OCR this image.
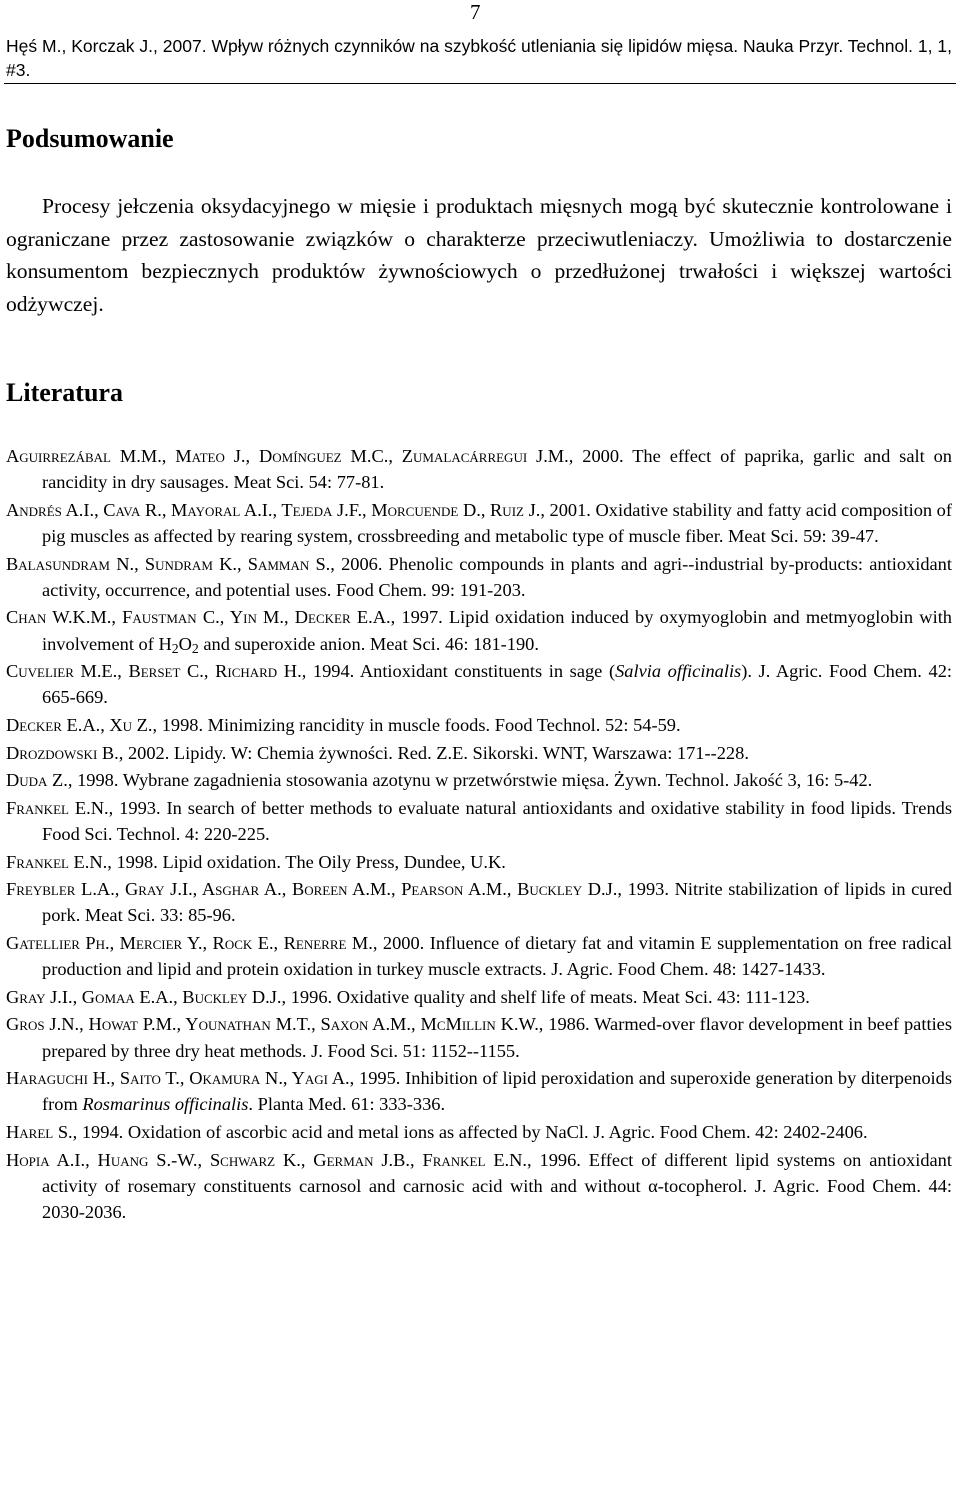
7
Hęś M., Korczak J., 2007. Wpływ różnych czynników na szybkość utleniania się lipidów mięsa. Nauka Przyr. Technol. 1, 1, #3.
Podsumowanie

Procesy jełczenia oksydacyjnego w mięsie i produktach mięsnych mogą być skutecznie kontrolowane i ograniczane przez zastosowanie związków o charakterze przeciwutleniaczy. Umożliwia to dostarczenie konsumentom bezpiecznych produktów żywnościowych o przedłużonej trwałości i większej wartości odżywczej.

Literatura
Aguirrezábal M.M., Mateo J., Domínguez M.C., Zumalacárregui J.M., 2000. The effect of paprika, garlic and salt on rancidity in dry sausages. Meat Sci. 54: 77-81.
Andrés A.I., Cava R., Mayoral A.I., Tejeda J.F., Morcuende D., Ruiz J., 2001. Oxidative stability and fatty acid composition of pig muscles as affected by rearing system, crossbreeding and metabolic type of muscle fiber. Meat Sci. 59: 39-47.
Balasundram N., Sundram K., Samman S., 2006. Phenolic compounds in plants and agri--industrial by-products: antioxidant activity, occurrence, and potential uses. Food Chem. 99: 191-203.
Chan W.K.M., Faustman C., Yin M., Decker E.A., 1997. Lipid oxidation induced by oxymyoglobin and metmyoglobin with involvement of $H_2O_2$ and superoxide anion. Meat Sci. 46: 181-190.
Cuvelier M.E., Berset C., Richard H., 1994. Antioxidant constituents in sage (Salvia officinalis). J. Agric. Food Chem. 42: 665-669.
Decker E.A., Xu Z., 1998. Minimizing rancidity in muscle foods. Food Technol. 52: 54-59.
Drozdowski B., 2002. Lipidy. W: Chemia żywności. Red. Z.E. Sikorski. WNT, Warszawa: 171--228.
Duda Z., 1998. Wybrane zagadnienia stosowania azotynu w przetwórstwie mięsa. Żywn. Technol. Jakość 3, 16: 5-42.
Frankel E.N., 1993. In search of better methods to evaluate natural antioxidants and oxidative stability in food lipids. Trends Food Sci. Technol. 4: 220-225.
Frankel E.N., 1998. Lipid oxidation. The Oily Press, Dundee, U.K.
Freybler L.A., Gray J.I., Asghar A., Boreen A.M., Pearson A.M., Buckley D.J., 1993. Nitrite stabilization of lipids in cured pork. Meat Sci. 33: 85-96.
Gatellier Ph., Mercier Y., Rock E., Renerre M., 2000. Influence of dietary fat and vitamin E supplementation on free radical production and lipid and protein oxidation in turkey muscle extracts. J. Agric. Food Chem. 48: 1427-1433.
Gray J.I., Gomaa E.A., Buckley D.J., 1996. Oxidative quality and shelf life of meats. Meat Sci. 43: 111-123.
Gros J.N., Howat P.M., Younathan M.T., Saxon A.M., McMillin K.W., 1986. Warmed-over flavor development in beef patties prepared by three dry heat methods. J. Food Sci. 51: 1152--1155.
Haraguchi H., Saito T., Okamura N., Yagi A., 1995. Inhibition of lipid peroxidation and superoxide generation by diterpenoids from Rosmarinus officinalis. Planta Med. 61: 333-336.
Harel S., 1994. Oxidation of ascorbic acid and metal ions as affected by NaCl. J. Agric. Food Chem. 42: 2402-2406.
Hopia A.I., Huang S.-W., Schwarz K., German J.B., Frankel E.N., 1996. Effect of different lipid systems on antioxidant activity of rosemary constituents carnosol and carnosic acid with and without α-tocopherol. J. Agric. Food Chem. 44: 2030-2036.
